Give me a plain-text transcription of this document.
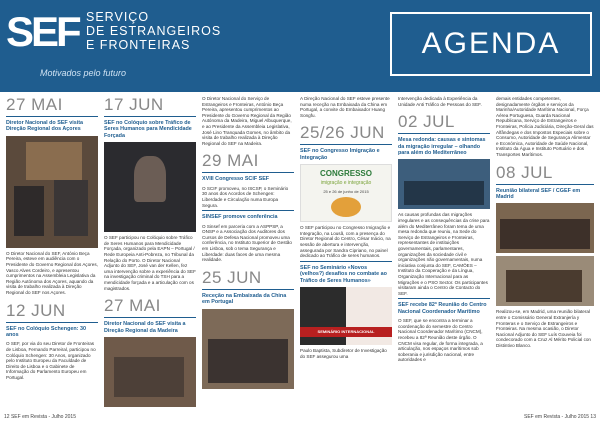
SEF SERVIÇO
DE ESTRANGEIROS
E FRONTEIRAS
Motivados pelo futuro
AGENDA
27 MAI
Diretor Nacional do SEF visita Direção Regional dos Açores
O Diretor Nacional do SEF, António Beça Pereira, esteve em audiência com o Presidente do Governo Regional dos Açores, Vasco Alves Cordeiro, e apresentou cumprimentos na Assembleia Legislativa da Região Autónoma dos Açores, aquando da visita de trabalho realizada à Direção Regional do SEF nos Açores.
12 JUN
SEF no Colóquio Schengen: 30 anos
O SEF, por via do seu Diretor de Fronteiras de Lisboa, Fernando Parreiral, participou no Colóquio Schengen: 30 Anos, organizado pelo Instituto Europeu da Faculdade de Direito de Lisboa e o Gabinete de Informação do Parlamento Europeu em Portugal.
17 JUN
SEF no Colóquio sobre Tráfico de Seres Humanos para Mendicidade Forçada
O SEF participou no Colóquio sobre Tráfico de Seres Humanos para Mendicidade Forçada, organizado pela EAPN – Portugal / Rede Europeia Anti-Pobreza, no Tribunal da Relação do Porto. O Diretor Nacional Adjunto do SEF, José van der Kellen, fez uma intervenção sobre a experiência do SEF na investigação criminal do TSH para a mendicidade forçada e a articulação com os magistrados.
27 MAI
Diretor Nacional do SEF visita a Direção Regional da Madeira
O Diretor Nacional do Serviço de Estrangeiros e Fronteiras, António Beça Pereira, apresentou cumprimentos ao Presidente do Governo Regional da Região Autónoma da Madeira, Miguel Albuquerque, e ao Presidente da Assembleia Legislativa, José Lino Tranquada Gomes, no âmbito da visita de trabalho realizada à Direção Regional do SEF na Madeira.
29 MAI
XVIII Congresso SCIF SEF
O SCIF promoveu, no ISCSP, o Seminário 30 anos dos Acordos de Schengen: Liberdade e Circulação numa Europa Segura.
SINSEF promove conferência
O Sinsef em parceria com a ASPPSP, a ONSP e a Associação dos Auditores dos Cursos de Defesa Nacional promoveu uma conferência, no Instituto Superior de Gestão em Lisboa, sob o tema Segurança e Liberdade: duas faces de uma mesma realidade.
25 JUN
Receção na Embaixada da China em Portugal
A Direção Nacional do SEF esteve presente numa receção na Embaixada da China em Portugal, a convite do Embaixador Huang Songfu.
25/26 JUN
SEF no Congresso Imigração e Integração
CONGRESSO
imigração e integração
25 e 26 de junho de 2015
O SEF participou no Congresso Imigração e Integração, na Lousã, com a presença do Diretor Regional do Centro, César Inácio, na sessão de abertura e intervenção, assegurada por Sandra Cipriano, no painel dedicado ao Tráfico de seres humanos.
SEF no Seminário «Novos (velhos?) desafios no combate ao Tráfico de Seres Humanos»
SEMINÁRIO INTERNACIONAL
Paulo Baptista, Subdiretor de Investigação do SEF assegurou uma
Intervenção dedicada à Experiência da Unidade Anti Tráfico de Pessoas do SEF.
02 JUL
Mesa redonda: causas e sintomas da migração irregular – olhando para além do Mediterrâneo
As causas profundas das migrações irregulares e as consequências da crise para além do Mediterrâneo foram tema de uma mesa redonda que reuniu, na Sede do Serviço de Estrangeiros e Fronteiras, representantes de instituições governamentais, parlamentares, organizações da sociedade civil e organizações não governamentais, numa iniciativa conjunta do SEF, CAMÕES – Instituto da Cooperação e da Língua, Organização Internacional para as Migrações e o PSO Sector. Os participantes visitaram ainda o Centro de Contacto do SEF.
SEF recebe 82ª Reunião do Centro Nacional Coordenador Marítimo
O SEF, que se encontra a terminar a coordenação do semestre do Centro Nacional Coordenador Marítimo (CNCM), recebeu a 82ª Reunião deste órgão. O CNCM visa regular, de forma integrada, a articulação, nos espaços marítimos sob soberania e jurisdição nacional, entre autoridades e
demais entidades competentes, designadamente órgãos e serviços da Marinha/Autoridade Marítima Nacional, Força Aérea Portuguesa, Guarda Nacional Republicana, Serviço de Estrangeiros e Fronteiras, Polícia Judiciária, Direção-Geral das Alfândegas e dos Impostos Especiais sobre o Consumo, Autoridade de Segurança Alimentar e Económica, Autoridade de Saúde Nacional, Instituto da Água e Instituto Portuário e dos Transportes Marítimos.
08 JUL
Reunião bilateral SEF / CGEF em Madrid
Realizou-se, em Madrid, uma reunião bilateral entre o Comissário General Extranjería y Fronteras e o Serviço de Estrangeiros e Fronteiras. Na mesma ocasião, o Diretor Nacional Adjunto do SEF Luís Gouveia foi condecorado com a Cruz Al Mérito Policial con Distintivo Blanco.
12 SEF em Revista - Julho 2015	SEF em Revista - Julho 2015 13
